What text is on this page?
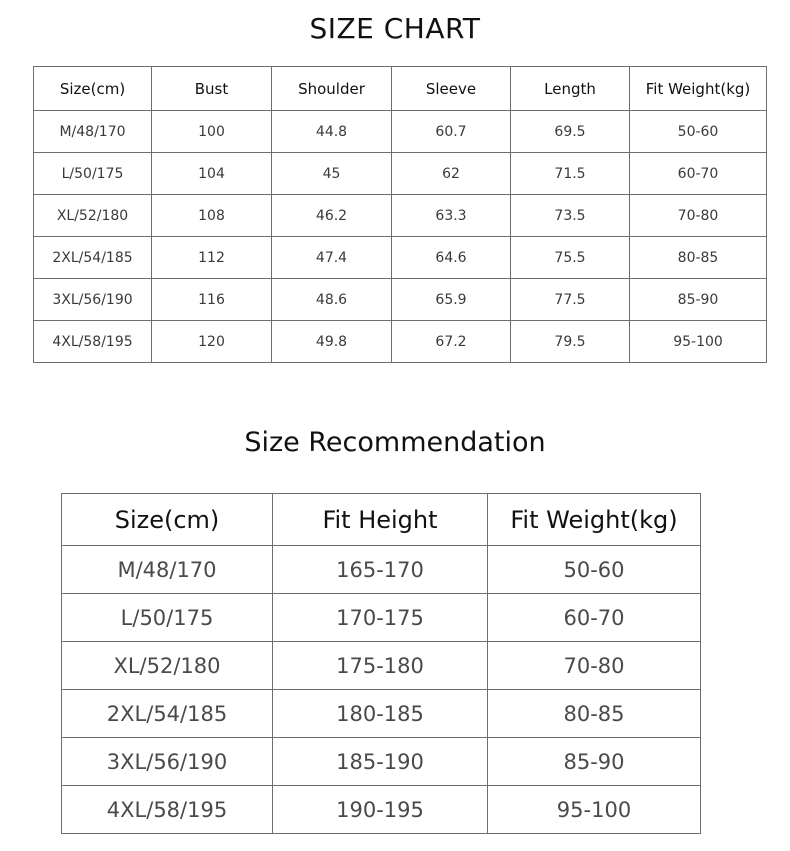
SIZE CHART
Size(cm)	Bust	Shoulder	Sleeve	Length	Fit Weight(kg)
M/48/170	100	44.8	60.7	69.5	50-60
L/50/175	104	45	62	71.5	60-70
XL/52/180	108	46.2	63.3	73.5	70-80
2XL/54/185	112	47.4	64.6	75.5	80-85
3XL/56/190	116	48.6	65.9	77.5	85-90
4XL/58/195	120	49.8	67.2	79.5	95-100
Size Recommendation
Size(cm)	Fit Height	Fit Weight(kg)
M/48/170	165-170	50-60
L/50/175	170-175	60-70
XL/52/180	175-180	70-80
2XL/54/185	180-185	80-85
3XL/56/190	185-190	85-90
4XL/58/195	190-195	95-100
